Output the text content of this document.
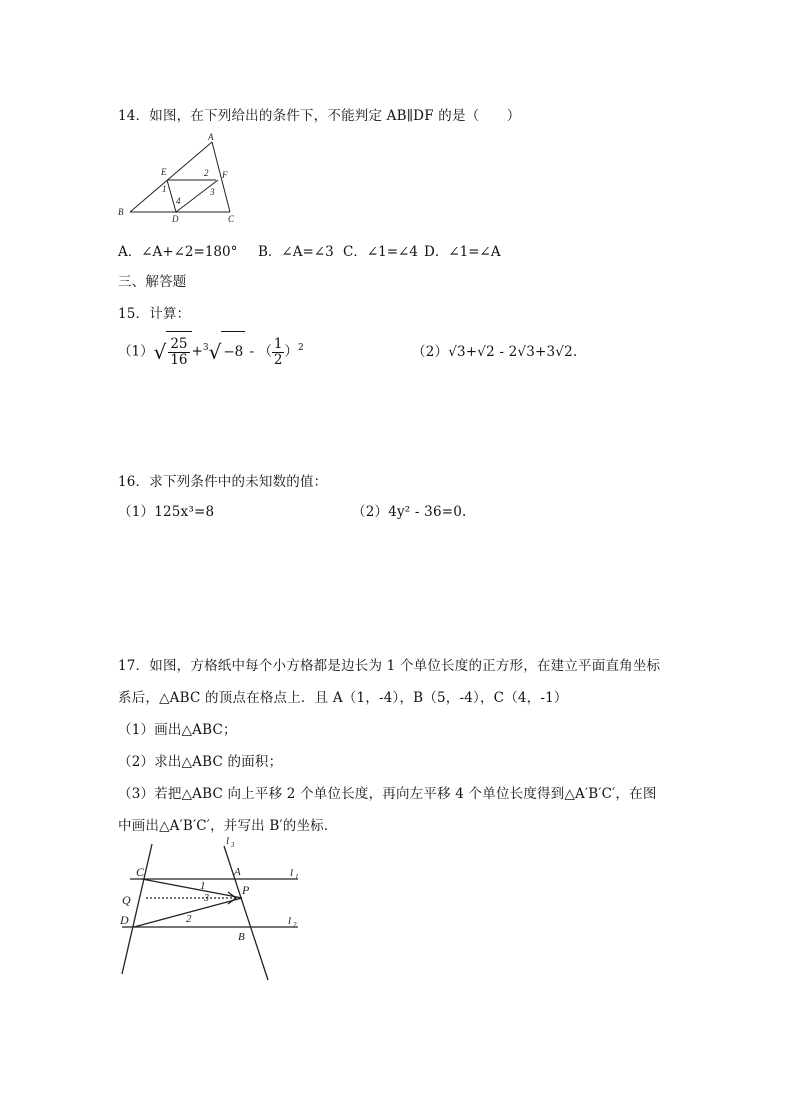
14．如图，在下列给出的条件下，不能判定 AB∥DF 的是（　　）
A
B
C
D
E	F
1
2
3
4
A．∠A+∠2=180° B．∠A=∠3 C．∠1=∠4 D．∠1=∠A
三、解答题
15．计算：
$(1)√ \frac{25}{16} +^3√ -8$ - （ $\frac{1}{2} )^2$	（2）√3+√2 - 2√3+3√2.
16．求下列条件中的未知数的值：
（1）125x³=8	（2）4y² - 36=0.
17．如图，方格纸中每个小方格都是边长为 1 个单位长度的正方形，在建立平面直角坐标
系后，△ABC 的顶点在格点上．且 A（1，-4），B（5，-4），C（4，-1）
（1）画出△ABC；
（2）求出△ABC 的面积；
（3）若把△ABC 向上平移 2 个单位长度，再向左平移 4 个单位长度得到△A′B′C′，在图
中画出△A′B′C′，并写出 B′的坐标．
C	A
Q
P
D
B
1
2
3
l 1
l 2
l 3
